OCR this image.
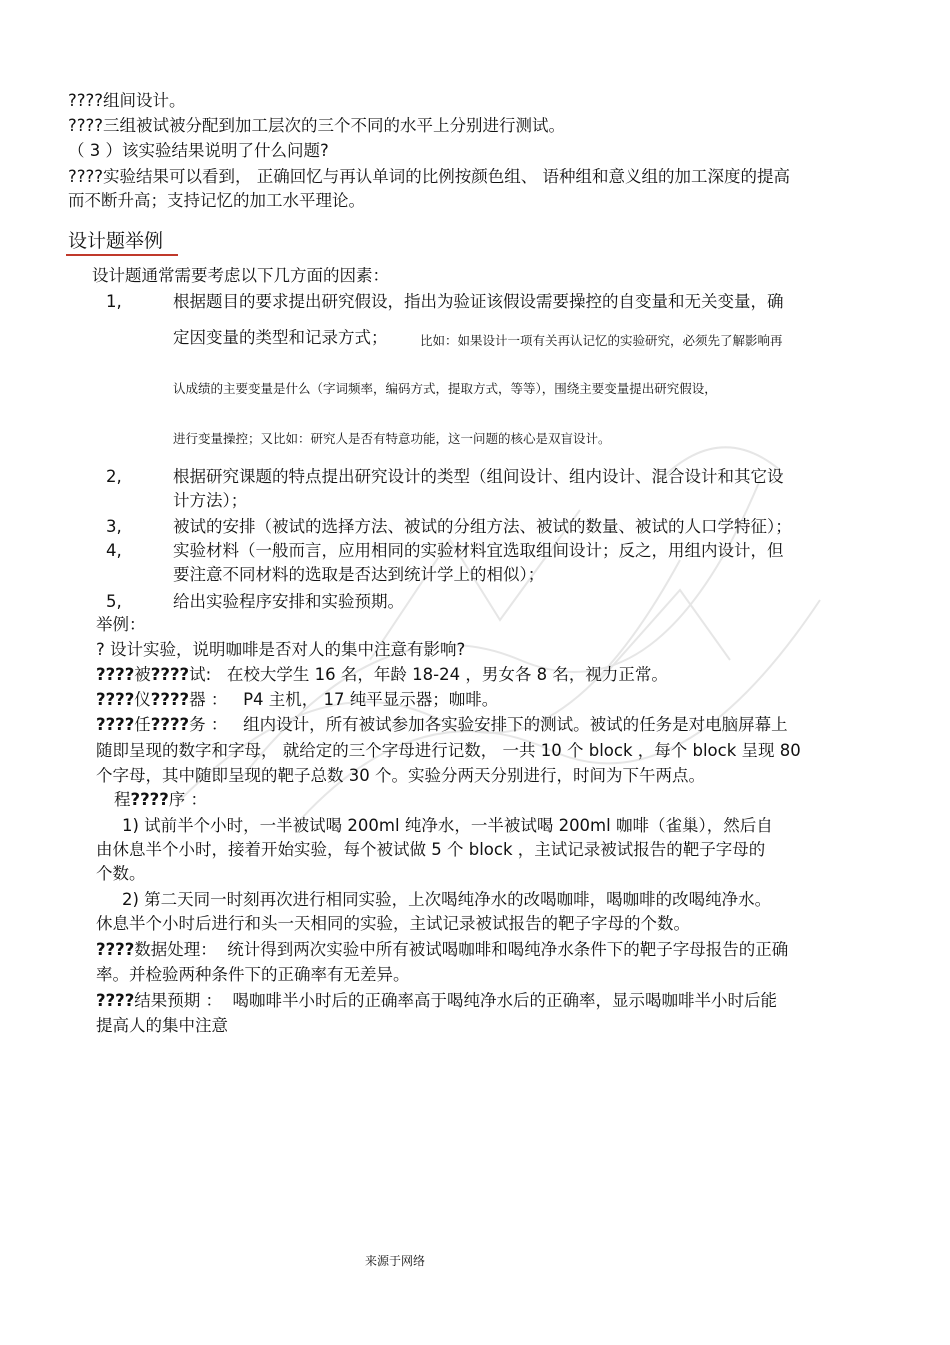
????组间设计。
????三组被试被分配到加工层次的三个不同的水平上分别进行测试。
（ 3 ）该实验结果说明了什么问题?
????实验结果可以看到， 正确回忆与再认单词的比例按颜色组、 语种组和意义组的加工深度的提高
而不断升高；支持记忆的加工水平理论。
设计题举例
设计题通常需要考虑以下几方面的因素：
1,	根据题目的要求提出研究假设，指出为验证该假设需要操控的自变量和无关变量，确
定因变量的类型和记录方式；	比如：如果设计一项有关再认记忆的实验研究，必须先了解影响再
认成绩的主要变量是什么（字词频率，编码方式，提取方式，等等），围绕主要变量提出研究假设，
进行变量操控；又比如：研究人是否有特意功能，这一问题的核心是双盲设计。
2,	根据研究课题的特点提出研究设计的类型（组间设计、组内设计、混合设计和其它设
计方法）；
3,	被试的安排（被试的选择方法、被试的分组方法、被试的数量、被试的人口学特征）；
4,	实验材料（一般而言，应用相同的实验材料宜选取组间设计；反之，用组内设计，但
要注意不同材料的选取是否达到统计学上的相似）；
5,	给出实验程序安排和实验预期。
举例：
? 设计实验，说明咖啡是否对人的集中注意有影响?
????被????试: 在校大学生 16 名，年龄 18-24 ，男女各 8 名，视力正常。
????仪????器 ： P4 主机， 17 纯平显示器；咖啡。
????任????务 ： 组内设计，所有被试参加各实验安排下的测试。被试的任务是对电脑屏幕上
随即呈现的数字和字母， 就给定的三个字母进行记数， 一共 10 个 block ，每个 block 呈现 80
个字母，其中随即呈现的靶子总数 30 个。实验分两天分别进行，时间为下午两点。
程????序 ：
1) 试前半个小时，一半被试喝 200ml 纯净水，一半被试喝 200ml 咖啡（雀巢），然后自
由休息半个小时，接着开始实验，每个被试做 5 个 block ，主试记录被试报告的靶子字母的
个数。
2) 第二天同一时刻再次进行相同实验，上次喝纯净水的改喝咖啡，喝咖啡的改喝纯净水。
休息半个小时后进行和头一天相同的实验，主试记录被试报告的靶子字母的个数。
????数据处理： 统计得到两次实验中所有被试喝咖啡和喝纯净水条件下的靶子字母报告的正确
率。并检验两种条件下的正确率有无差异。
????结果预期 ： 喝咖啡半小时后的正确率高于喝纯净水后的正确率，显示喝咖啡半小时后能
提高人的集中注意
来源于网络
